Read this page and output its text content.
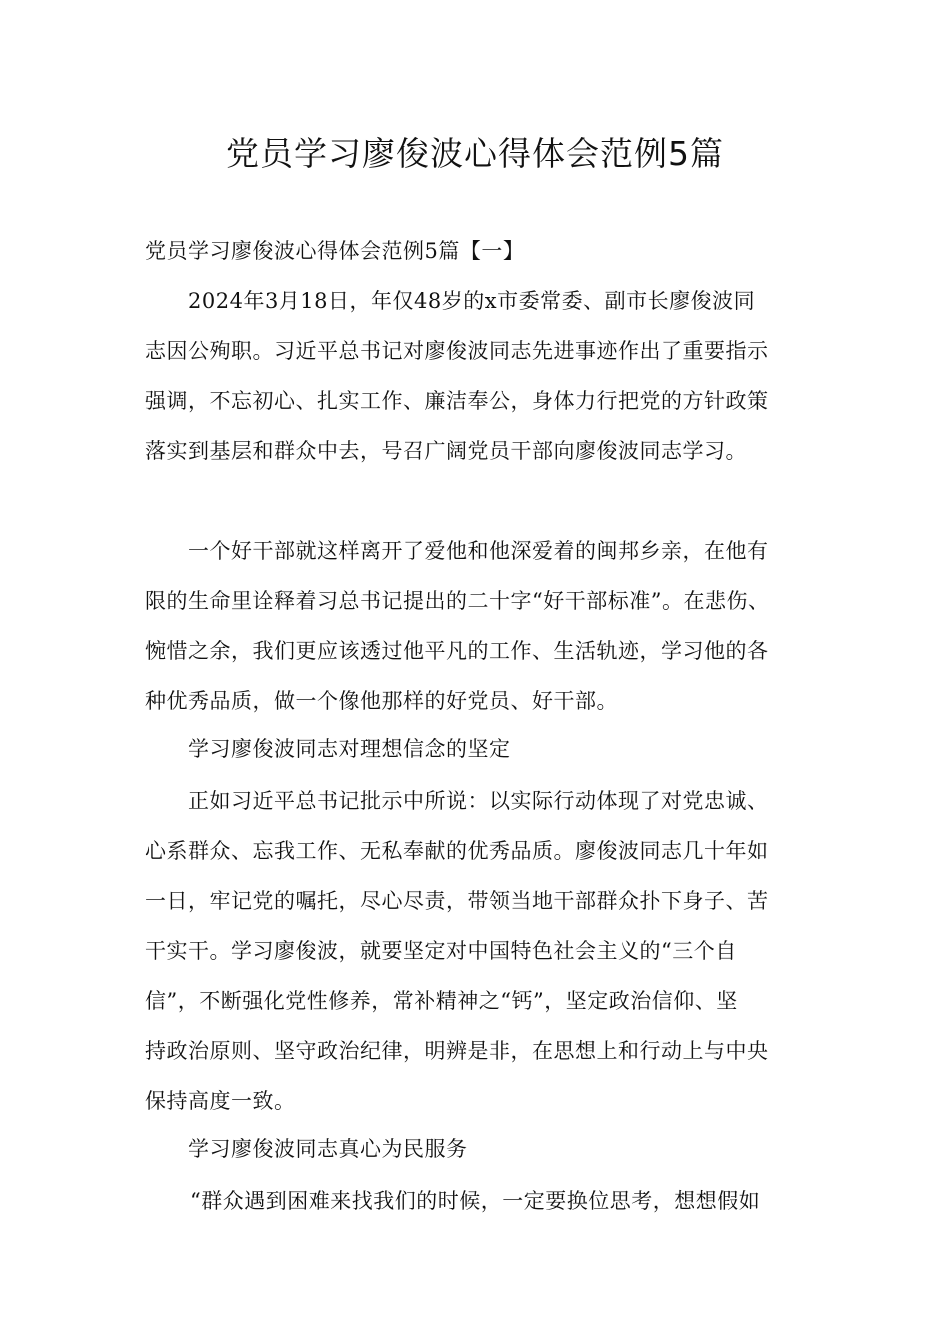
党员学习廖俊波心得体会范例5篇

党员学习廖俊波心得体会范例5篇【一】

2024年3月18日，年仅48岁的x市委常委、副市长廖俊波同

志因公殉职。习近平总书记对廖俊波同志先进事迹作出了重要指示

强调，不忘初心、扎实工作、廉洁奉公，身体力行把党的方针政策

落实到基层和群众中去，号召广阔党员干部向廖俊波同志学习。

一个好干部就这样离开了爱他和他深爱着的闽邦乡亲，在他有

限的生命里诠释着习总书记提出的二十字“好干部标准”。在悲伤、

惋惜之余，我们更应该透过他平凡的工作、生活轨迹，学习他的各

种优秀品质，做一个像他那样的好党员、好干部。

学习廖俊波同志对理想信念的坚定

正如习近平总书记批示中所说：以实际行动体现了对党忠诚、

心系群众、忘我工作、无私奉献的优秀品质。廖俊波同志几十年如

一日，牢记党的嘱托，尽心尽责，带领当地干部群众扑下身子、苦

干实干。学习廖俊波，就要坚定对中国特色社会主义的“三个自

信”，不断强化党性修养，常补精神之“钙”，坚定政治信仰、坚

持政治原则、坚守政治纪律，明辨是非，在思想上和行动上与中央

保持高度一致。

学习廖俊波同志真心为民服务

“群众遇到困难来找我们的时候，一定要换位思考，想想假如
